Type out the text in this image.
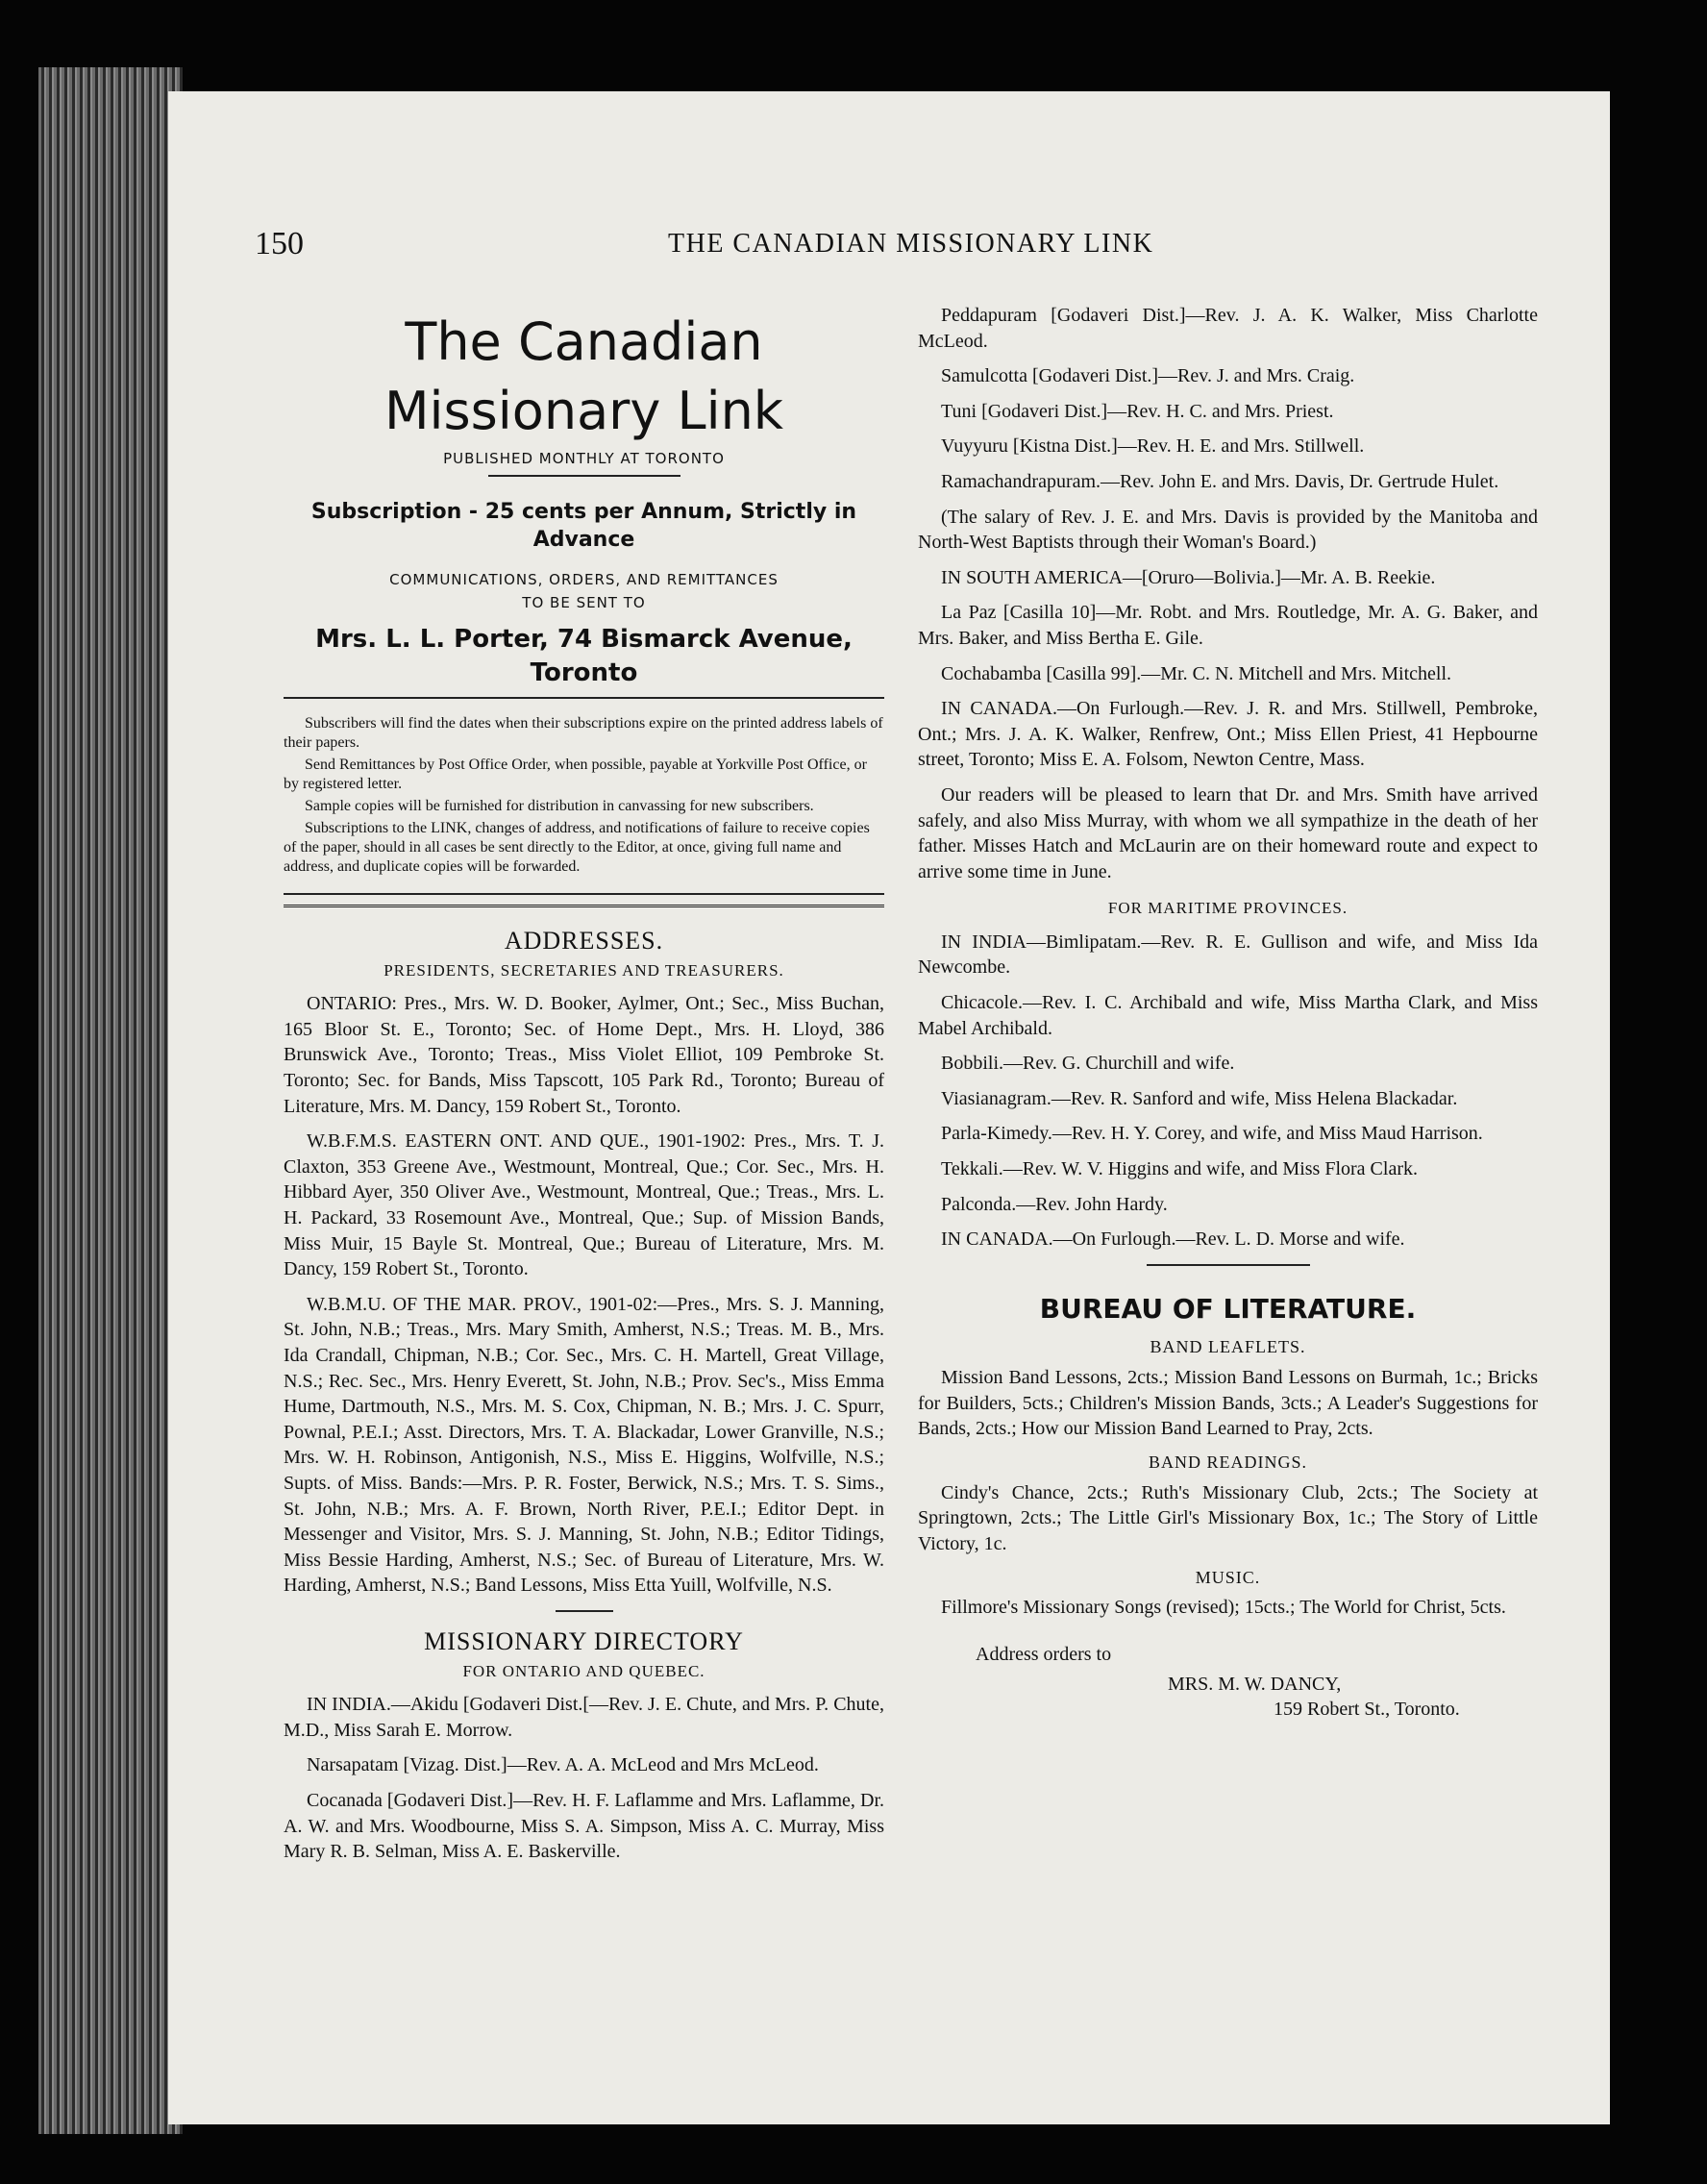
150	THE CANADIAN MISSIONARY LINK
The Canadian Missionary Link
PUBLISHED MONTHLY AT TORONTO
Subscription - 25 cents per Annum, Strictly in Advance
COMMUNICATIONS, ORDERS, AND REMITTANCES
TO BE SENT TO
Mrs. L. L. Porter, 74 Bismarck Avenue, Toronto

Subscribers will find the dates when their subscriptions expire on the printed address labels of their papers.

Send Remittances by Post Office Order, when possible, payable at Yorkville Post Office, or by registered letter.

Sample copies will be furnished for distribution in canvassing for new subscribers.

Subscriptions to the LINK, changes of address, and notifications of failure to receive copies of the paper, should in all cases be sent directly to the Editor, at once, giving full name and address, and duplicate copies will be forwarded.

ADDRESSES.
PRESIDENTS, SECRETARIES AND TREASURERS.

ONTARIO: Pres., Mrs. W. D. Booker, Aylmer, Ont.; Sec., Miss Buchan, 165 Bloor St. E., Toronto; Sec. of Home Dept., Mrs. H. Lloyd, 386 Brunswick Ave., Toronto; Treas., Miss Violet Elliot, 109 Pembroke St. Toronto; Sec. for Bands, Miss Tapscott, 105 Park Rd., Toronto; Bureau of Literature, Mrs. M. Dancy, 159 Robert St., Toronto.

W.B.F.M.S. EASTERN ONT. AND QUE., 1901-1902: Pres., Mrs. T. J. Claxton, 353 Greene Ave., Westmount, Montreal, Que.; Cor. Sec., Mrs. H. Hibbard Ayer, 350 Oliver Ave., Westmount, Montreal, Que.; Treas., Mrs. L. H. Packard, 33 Rosemount Ave., Montreal, Que.; Sup. of Mission Bands, Miss Muir, 15 Bayle St. Montreal, Que.; Bureau of Literature, Mrs. M. Dancy, 159 Robert St., Toronto.

W.B.M.U. OF THE MAR. PROV., 1901-02:—Pres., Mrs. S. J. Manning, St. John, N.B.; Treas., Mrs. Mary Smith, Amherst, N.S.; Treas. M. B., Mrs. Ida Crandall, Chipman, N.B.; Cor. Sec., Mrs. C. H. Martell, Great Village, N.S.; Rec. Sec., Mrs. Henry Everett, St. John, N.B.; Prov. Sec's., Miss Emma Hume, Dartmouth, N.S., Mrs. M. S. Cox, Chipman, N. B.; Mrs. J. C. Spurr, Pownal, P.E.I.; Asst. Directors, Mrs. T. A. Blackadar, Lower Granville, N.S.; Mrs. W. H. Robinson, Antigonish, N.S., Miss E. Higgins, Wolfville, N.S.; Supts. of Miss. Bands:—Mrs. P. R. Foster, Berwick, N.S.; Mrs. T. S. Sims., St. John, N.B.; Mrs. A. F. Brown, North River, P.E.I.; Editor Dept. in Messenger and Visitor, Mrs. S. J. Manning, St. John, N.B.; Editor Tidings, Miss Bessie Harding, Amherst, N.S.; Sec. of Bureau of Literature, Mrs. W. Harding, Amherst, N.S.; Band Lessons, Miss Etta Yuill, Wolfville, N.S.

MISSIONARY DIRECTORY
FOR ONTARIO AND QUEBEC.

IN INDIA.—Akidu [Godaveri Dist.[—Rev. J. E. Chute, and Mrs. P. Chute, M.D., Miss Sarah E. Morrow.

Narsapatam [Vizag. Dist.]—Rev. A. A. McLeod and Mrs McLeod.

Cocanada [Godaveri Dist.]—Rev. H. F. Laflamme and Mrs. Laflamme, Dr. A. W. and Mrs. Woodbourne, Miss S. A. Simpson, Miss A. C. Murray, Miss Mary R. B. Selman, Miss A. E. Baskerville.

Peddapuram [Godaveri Dist.]—Rev. J. A. K. Walker, Miss Charlotte McLeod.

Samulcotta [Godaveri Dist.]—Rev. J. and Mrs. Craig.

Tuni [Godaveri Dist.]—Rev. H. C. and Mrs. Priest.

Vuyyuru [Kistna Dist.]—Rev. H. E. and Mrs. Stillwell.

Ramachandrapuram.—Rev. John E. and Mrs. Davis, Dr. Gertrude Hulet.

(The salary of Rev. J. E. and Mrs. Davis is provided by the Manitoba and North-West Baptists through their Woman's Board.)

IN SOUTH AMERICA—[Oruro—Bolivia.]—Mr. A. B. Reekie.

La Paz [Casilla 10]—Mr. Robt. and Mrs. Routledge, Mr. A. G. Baker, and Mrs. Baker, and Miss Bertha E. Gile.

Cochabamba [Casilla 99].—Mr. C. N. Mitchell and Mrs. Mitchell.

IN CANADA.—On Furlough.—Rev. J. R. and Mrs. Stillwell, Pembroke, Ont.; Mrs. J. A. K. Walker, Renfrew, Ont.; Miss Ellen Priest, 41 Hepbourne street, Toronto; Miss E. A. Folsom, Newton Centre, Mass.

Our readers will be pleased to learn that Dr. and Mrs. Smith have arrived safely, and also Miss Murray, with whom we all sympathize in the death of her father. Misses Hatch and McLaurin are on their homeward route and expect to arrive some time in June.

FOR MARITIME PROVINCES.

IN INDIA—Bimlipatam.—Rev. R. E. Gullison and wife, and Miss Ida Newcombe.

Chicacole.—Rev. I. C. Archibald and wife, Miss Martha Clark, and Miss Mabel Archibald.

Bobbili.—Rev. G. Churchill and wife.

Viasianagram.—Rev. R. Sanford and wife, Miss Helena Blackadar.

Parla-Kimedy.—Rev. H. Y. Corey, and wife, and Miss Maud Harrison.

Tekkali.—Rev. W. V. Higgins and wife, and Miss Flora Clark.

Palconda.—Rev. John Hardy.

IN CANADA.—On Furlough.—Rev. L. D. Morse and wife.

BUREAU OF LITERATURE.
BAND LEAFLETS.

Mission Band Lessons, 2cts.; Mission Band Lessons on Burmah, 1c.; Bricks for Builders, 5cts.; Children's Mission Bands, 3cts.; A Leader's Suggestions for Bands, 2cts.; How our Mission Band Learned to Pray, 2cts.

BAND READINGS.

Cindy's Chance, 2cts.; Ruth's Missionary Club, 2cts.; The Society at Springtown, 2cts.; The Little Girl's Missionary Box, 1c.; The Story of Little Victory, 1c.

MUSIC.

Fillmore's Missionary Songs (revised); 15cts.; The World for Christ, 5cts.

Address orders to
MRS. M. W. DANCY,
159 Robert St., Toronto.
